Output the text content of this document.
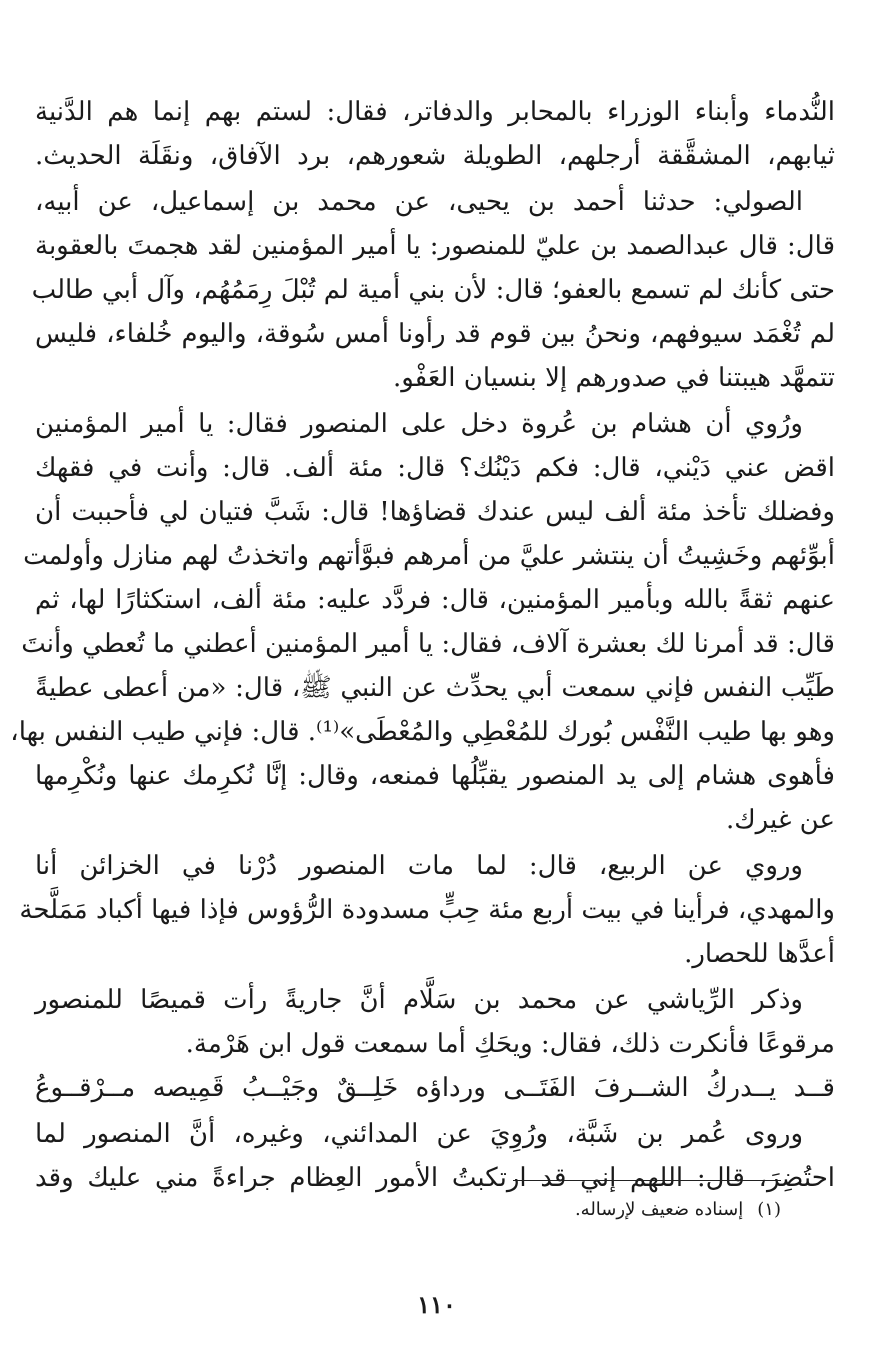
النُّدماء وأبناء الوزراء بالمحابر والدفاتر، فقال: لستم بهم إنما هم الدَّنية
ثيابهم، المشقَّقة أرجلهم، الطويلة شعورهم، برد الآفاق، ونقَلَة الحديث.
الصولي: حدثنا أحمد بن يحيى، عن محمد بن إسماعيل، عن أبيه،
قال: قال عبدالصمد بن عليّ للمنصور: يا أمير المؤمنين لقد هجمتَ بالعقوبة
حتى كأنك لم تسمع بالعفو؛ قال: لأن بني أمية لم تُبْلَ رِمَمُهُم، وآل أبي طالب
لم تُغْمَد سيوفهم، ونحنُ بين قوم قد رأونا أمس سُوقة، واليوم خُلفاء، فليس
تتمهَّد هيبتنا في صدورهم إلا بنسيان العَفْو.
ورُوي أن هشام بن عُروة دخل على المنصور فقال: يا أمير المؤمنين
اقض عني دَيْني، قال: فكم دَيْنُك؟ قال: مئة ألف. قال: وأنت في فقهك
وفضلك تأخذ مئة ألف ليس عندك قضاؤها! قال: شَبَّ فتيان لي فأحببت أن
أبوِّئهم وخَشِيتُ أن ينتشر عليَّ من أمرهم فبوَّأتهم واتخذتُ لهم منازل وأولمت
عنهم ثقةً بالله وبأمير المؤمنين، قال: فردَّد عليه: مئة ألف، استكثارًا لها، ثم
قال: قد أمرنا لك بعشرة آلاف، فقال: يا أمير المؤمنين أعطني ما تُعطي وأنتَ
طَيِّب النفس فإني سمعت أبي يحدِّث عن النبي ﷺ، قال: «من أعطى عطيةً
وهو بها طيب النَّفْس بُورك للمُعْطِي والمُعْطَى»⁽¹⁾. قال: فإني طيب النفس بها،
فأهوى هشام إلى يد المنصور يقبِّلُها فمنعه، وقال: إنَّا نُكرِمك عنها ونُكْرِمها
عن غيرك.
وروي عن الربيع، قال: لما مات المنصور دُرْنا في الخزائن أنا
والمهدي، فرأينا في بيت أربع مئة حِبٍّ مسدودة الرُّؤوس فإذا فيها أكباد مَمَلَّحة
أعدَّها للحصار.
وذكر الرِّياشي عن محمد بن سَلَّام أنَّ جاريةً رأت قميصًا للمنصور
مرقوعًا فأنكرت ذلك، فقال: ويحَكِ أما سمعت قول ابن هَرْمة.
قــد يــدركُ الشــرفَ الفَتَــى ورداؤه خَلِــقٌ وجَيْــبُ قَمِيصه مــرْقــوعُ
وروى عُمر بن شَبَّة، ورُوِيَ عن المدائني، وغيره، أنَّ المنصور لما
احتُضِرَ، قال: اللهم إني قد ارتكبتُ الأمور العِظام جراءةً مني عليك وقد
(١)إسناده ضعيف لإرساله.
١١٠
